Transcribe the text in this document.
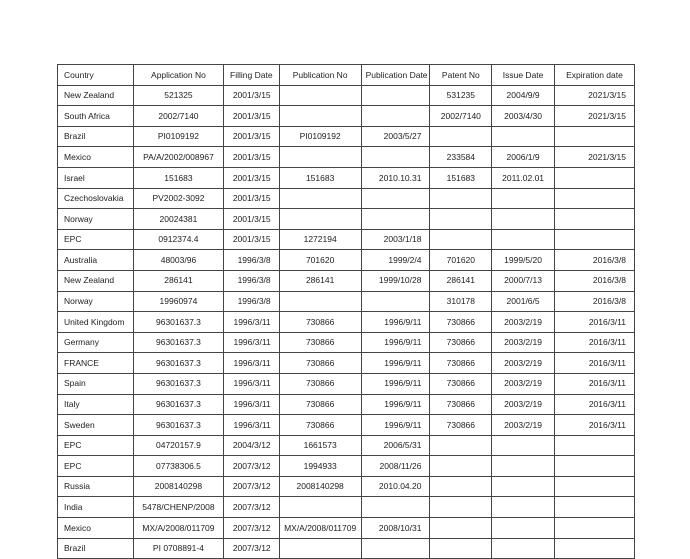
Country	Application No	Filling Date	Publication No	Publication Date	Patent No	Issue Date	Expiration date
New Zealand	521325	2001/3/15			531235	2004/9/9	2021/3/15
South Africa	2002/7140	2001/3/15			2002/7140	2003/4/30	2021/3/15
Brazil	PI0109192	2001/3/15	PI0109192	2003/5/27			
Mexico	PA/A/2002/008967	2001/3/15			233584	2006/1/9	2021/3/15
Israel	151683	2001/3/15	151683	2010.10.31	151683	2011.02.01	
Czechoslovakia	PV2002-3092	2001/3/15					
Norway	20024381	2001/3/15					
EPC	0912374.4	2001/3/15	1272194	2003/1/18			
Australia	48003/96	1996/3/8	701620	1999/2/4	701620	1999/5/20	2016/3/8
New Zealand	286141	1996/3/8	286141	1999/10/28	286141	2000/7/13	2016/3/8
Norway	19960974	1996/3/8			310178	2001/6/5	2016/3/8
United Kingdom	96301637.3	1996/3/11	730866	1996/9/11	730866	2003/2/19	2016/3/11
Germany	96301637.3	1996/3/11	730866	1996/9/11	730866	2003/2/19	2016/3/11
FRANCE	96301637.3	1996/3/11	730866	1996/9/11	730866	2003/2/19	2016/3/11
Spain	96301637.3	1996/3/11	730866	1996/9/11	730866	2003/2/19	2016/3/11
Italy	96301637.3	1996/3/11	730866	1996/9/11	730866	2003/2/19	2016/3/11
Sweden	96301637.3	1996/3/11	730866	1996/9/11	730866	2003/2/19	2016/3/11
EPC	04720157.9	2004/3/12	1661573	2006/5/31			
EPC	07738306.5	2007/3/12	1994933	2008/11/26			
Russia	2008140298	2007/3/12	2008140298	2010.04.20			
India	5478/CHENP/2008	2007/3/12					
Mexico	MX/A/2008/011709	2007/3/12	MX/A/2008/011709	2008/10/31			
Brazil	PI 0708891-4	2007/3/12					
